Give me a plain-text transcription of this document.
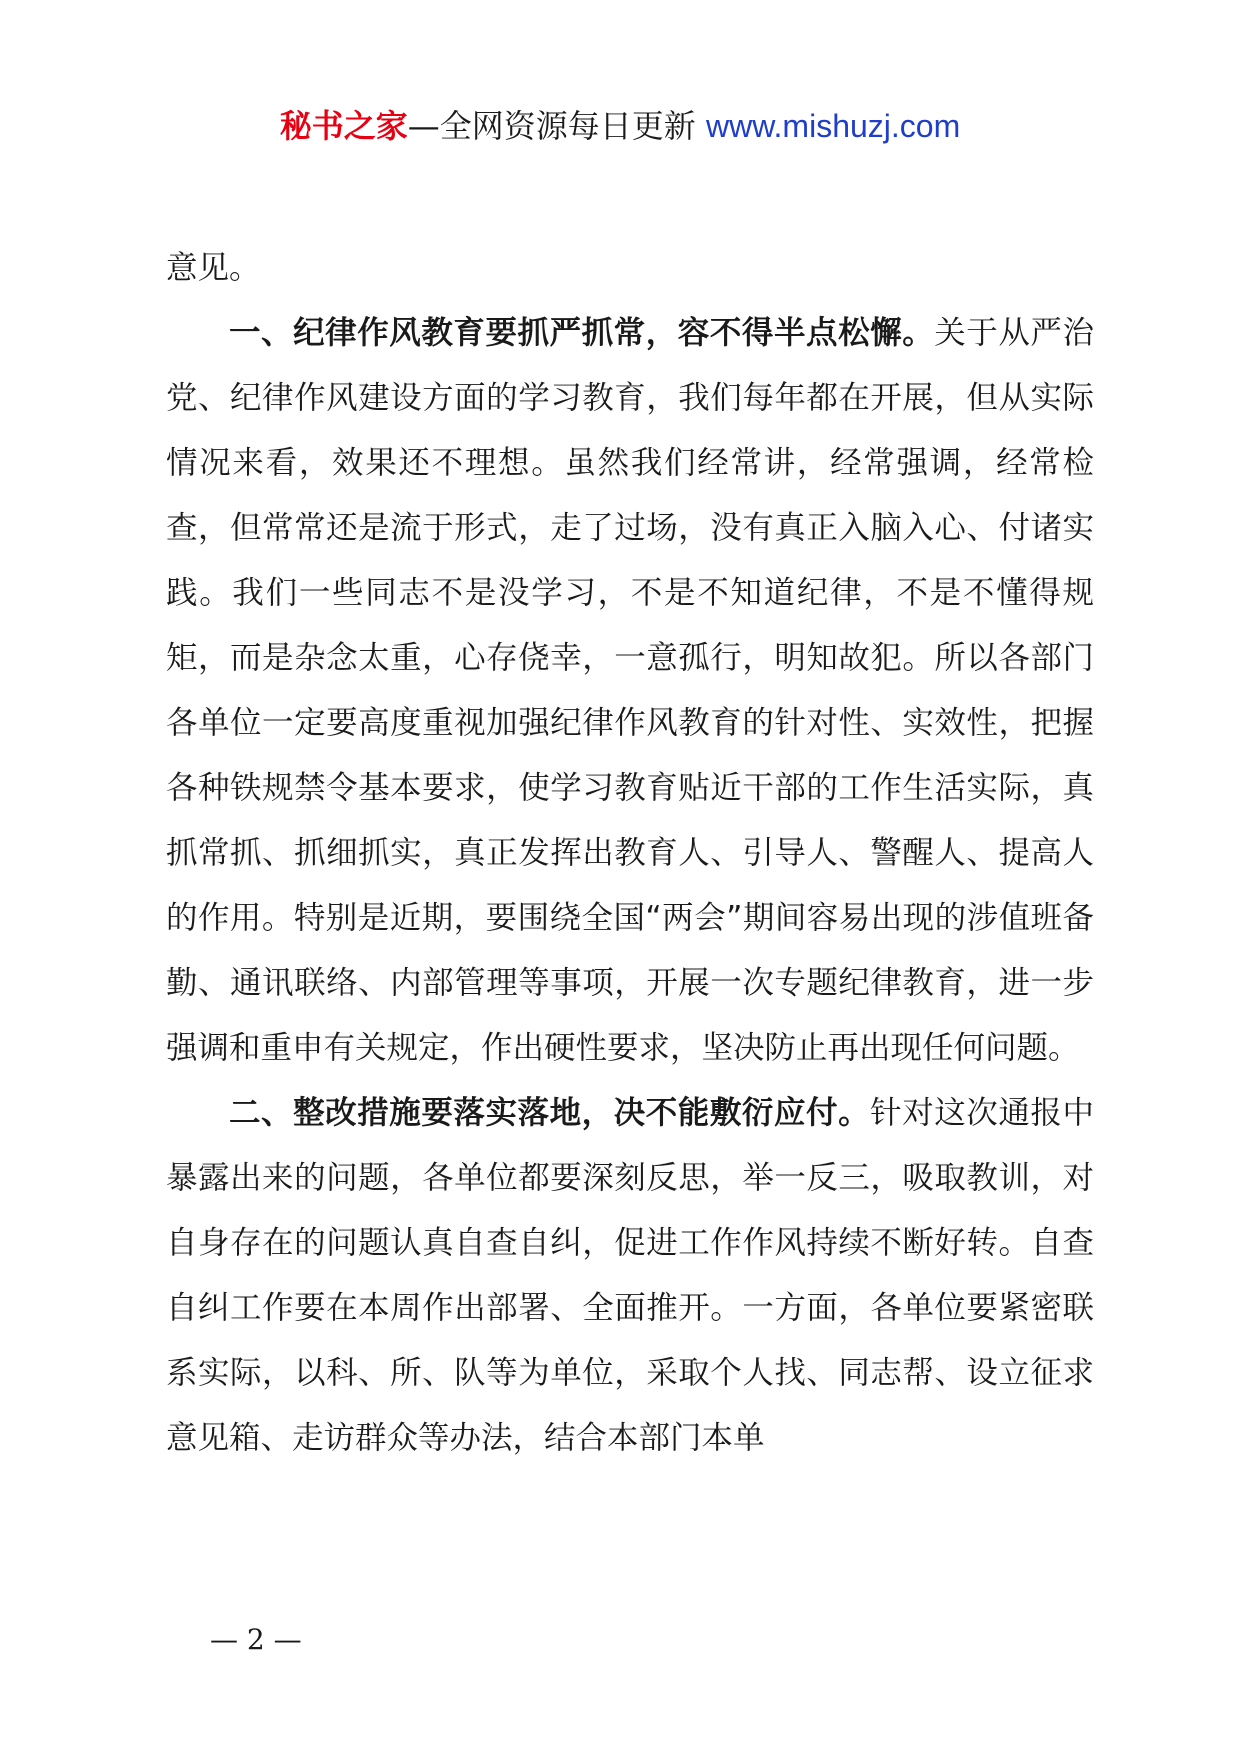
秘书之家—全网资源每日更新 www.mishuzj.com

意见。

一、纪律作风教育要抓严抓常，容不得半点松懈。关于从严治党、纪律作风建设方面的学习教育，我们每年都在开展，但从实际情况来看，效果还不理想。虽然我们经常讲，经常强调，经常检查，但常常还是流于形式，走了过场，没有真正入脑入心、付诸实践。我们一些同志不是没学习，不是不知道纪律，不是不懂得规矩，而是杂念太重，心存侥幸，一意孤行，明知故犯。所以各部门各单位一定要高度重视加强纪律作风教育的针对性、实效性，把握各种铁规禁令基本要求，使学习教育贴近干部的工作生活实际，真抓常抓、抓细抓实，真正发挥出教育人、引导人、警醒人、提高人的作用。特别是近期，要围绕全国“两会”期间容易出现的涉值班备勤、通讯联络、内部管理等事项，开展一次专题纪律教育，进一步强调和重申有关规定，作出硬性要求，坚决防止再出现任何问题。

二、整改措施要落实落地，决不能敷衍应付。针对这次通报中暴露出来的问题，各单位都要深刻反思，举一反三，吸取教训，对自身存在的问题认真自查自纠，促进工作作风持续不断好转。自查自纠工作要在本周作出部署、全面推开。一方面，各单位要紧密联系实际，以科、所、队等为单位，采取个人找、同志帮、设立征求意见箱、走访群众等办法，结合本部门本单

— 2 —
